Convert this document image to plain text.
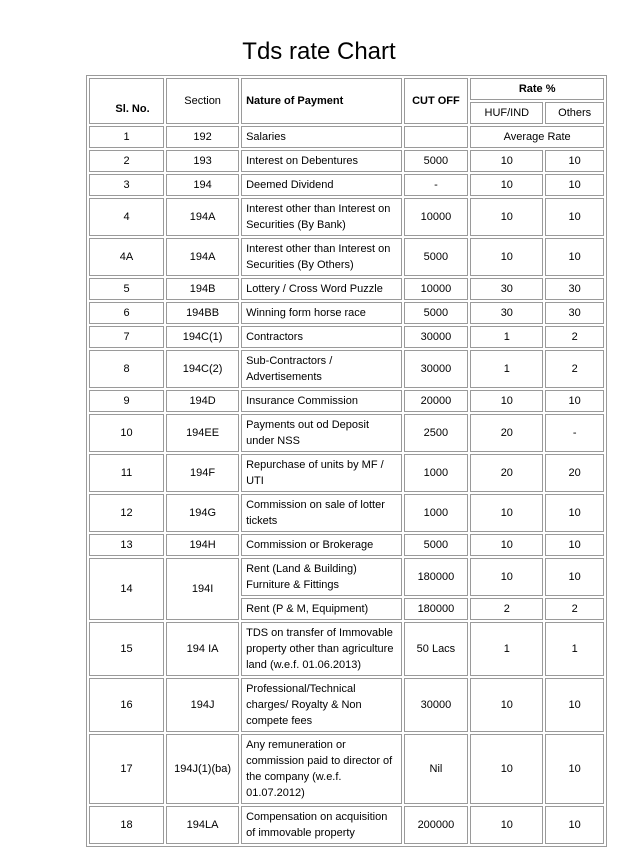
Tds rate Chart
Sl. No.	Section	Nature of Payment	CUT OFF	Rate %	
				HUF/IND	Others
1	192	Salaries		Average Rate	
2	193	Interest on Debentures	5000	10	10
3	194	Deemed Dividend	-	10	10
4	194A	Interest other than Interest on Securities (By Bank)	10000	10	10
4A	194A	Interest other than Interest on Securities (By Others)	5000	10	10
5	194B	Lottery / Cross Word Puzzle	10000	30	30
6	194BB	Winning form horse race	5000	30	30
7	194C(1)	Contractors	30000	1	2
8	194C(2)	Sub-Contractors / Advertisements	30000	1	2
9	194D	Insurance Commission	20000	10	10
10	194EE	Payments out od Deposit under NSS	2500	20	-
11	194F	Repurchase of units by MF / UTI	1000	20	20
12	194G	Commission on sale of lotter tickets	1000	10	10
13	194H	Commission or Brokerage	5000	10	10
14	194I	Rent (Land & Building) Furniture & Fittings	180000	10	10
		Rent (P & M, Equipment)	180000	2	2
15	194 IA	TDS on transfer of Immovable property other than agriculture land (w.e.f. 01.06.2013)	50 Lacs	1	1
16	194J	Professional/Technical charges/ Royalty & Non compete fees	30000	10	10
17	194J(1)(ba)	Any remuneration or commission paid to director of the company (w.e.f. 01.07.2012)	Nil	10	10
18	194LA	Compensation on acquisition of immovable property	200000	10	10
